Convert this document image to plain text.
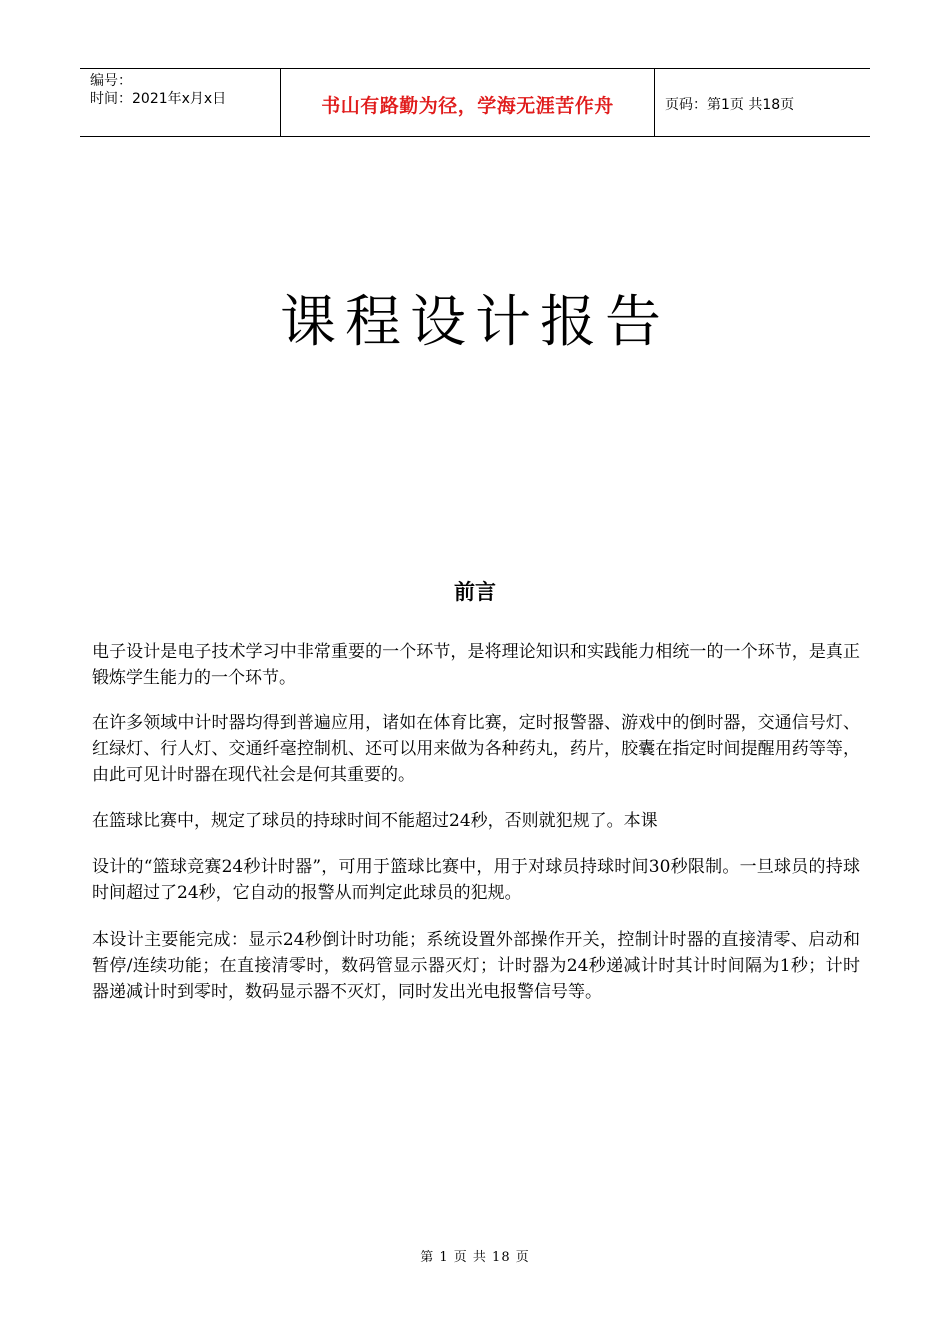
编号：
时间：2021年x月x日	书山有路勤为径，学海无涯苦作舟	页码：第1页 共18页
课程设计报告
前言
电子设计是电子技术学习中非常重要的一个环节，是将理论知识和实践能力相统一的一个环节，是真正锻炼学生能力的一个环节。
在许多领域中计时器均得到普遍应用，诸如在体育比赛，定时报警器、游戏中的倒时器，交通信号灯、红绿灯、行人灯、交通纤毫控制机、还可以用来做为各种药丸，药片，胶囊在指定时间提醒用药等等，由此可见计时器在现代社会是何其重要的。
在篮球比赛中，规定了球员的持球时间不能超过24秒，否则就犯规了。本课
设计的“篮球竞赛24秒计时器”，可用于篮球比赛中，用于对球员持球时间30秒限制。一旦球员的持球时间超过了24秒，它自动的报警从而判定此球员的犯规。
本设计主要能完成：显示24秒倒计时功能；系统设置外部操作开关，控制计时器的直接清零、启动和暂停/连续功能；在直接清零时，数码管显示器灭灯；计时器为24秒递减计时其计时间隔为1秒；计时器递减计时到零时，数码显示器不灭灯，同时发出光电报警信号等。
第 1 页 共 18 页
